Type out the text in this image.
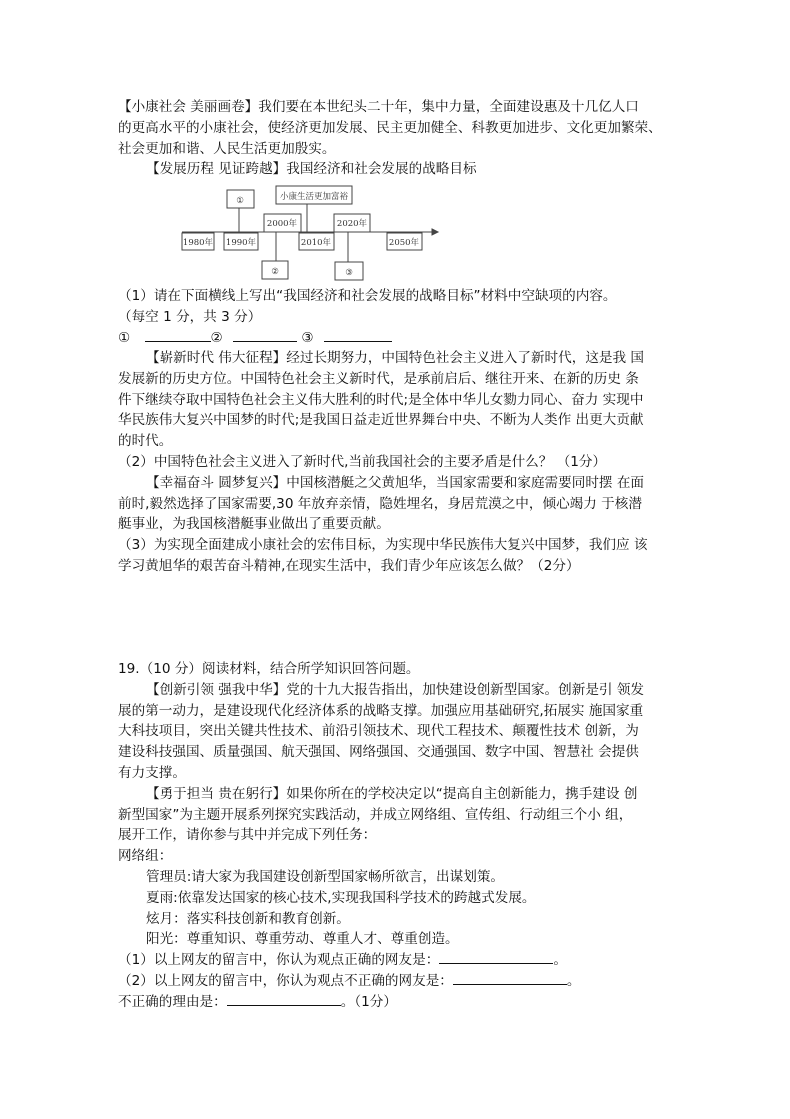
【小康社会 美丽画卷】我们要在本世纪头二十年，集中力量，全面建设惠及十几亿人口
的更高水平的小康社会，使经济更加发展、民主更加健全、科教更加进步、文化更加繁荣、
社会更加和谐、人民生活更加殷实。
【发展历程 见证跨越】我国经济和社会发展的战略目标
1980年 1990年
2000年
2010年
2020年
2050年
①	小康生活更加富裕
②	③
（1）请在下面横线上写出“我国经济和社会发展的战略目标”材料中空缺项的内容。
（每空 1 分，共 3 分）
①	②	③
【崭新时代 伟大征程】经过长期努力，中国特色社会主义进入了新时代，这是我 国
发展新的历史方位。中国特色社会主义新时代，是承前启后、继往开来、在新的历史 条
件下继续夺取中国特色社会主义伟大胜利的时代;是全体中华儿女勠力同心、奋力 实现中
华民族伟大复兴中国梦的时代;是我国日益走近世界舞台中央、不断为人类作 出更大贡献
的时代。
（2）中国特色社会主义进入了新时代,当前我国社会的主要矛盾是什么？ （1分）
【幸福奋斗 圆梦复兴】中国核潜艇之父黄旭华，当国家需要和家庭需要同时摆 在面
前时,毅然选择了国家需要,30 年放弃亲情，隐姓埋名，身居荒漠之中，倾心竭力 于核潜
艇事业，为我国核潜艇事业做出了重要贡献。
（3）为实现全面建成小康社会的宏伟目标，为实现中华民族伟大复兴中国梦，我们应 该
学习黄旭华的艰苦奋斗精神,在现实生活中，我们青少年应该怎么做？（2分）
19.（10 分）阅读材料，结合所学知识回答问题。
【创新引领 强我中华】党的十九大报告指出，加快建设创新型国家。创新是引 领发
展的第一动力，是建设现代化经济体系的战略支撑。加强应用基础研究,拓展实 施国家重
大科技项目，突出关键共性技术、前沿引领技术、现代工程技术、颠覆性技术 创新，为
建设科技强国、质量强国、航天强国、网络强国、交通强国、数字中国、智慧社 会提供
有力支撑。
【勇于担当 贵在躬行】如果你所在的学校决定以“提高自主创新能力，携手建设 创
新型国家”为主题开展系列探究实践活动，并成立网络组、宣传组、行动组三个小 组，
展开工作，请你参与其中并完成下列任务：
网络组：
管理员:请大家为我国建设创新型国家畅所欲言，出谋划策。
夏雨:依靠发达国家的核心技术,实现我国科学技术的跨越式发展。
炫月：落实科技创新和教育创新。
阳光：尊重知识、尊重劳动、尊重人才、尊重创造。
（1）以上网友的留言中，你认为观点正确的网友是：	。
（2）以上网友的留言中，你认为观点不正确的网友是：	。
不正确的理由是：	。（1分）
